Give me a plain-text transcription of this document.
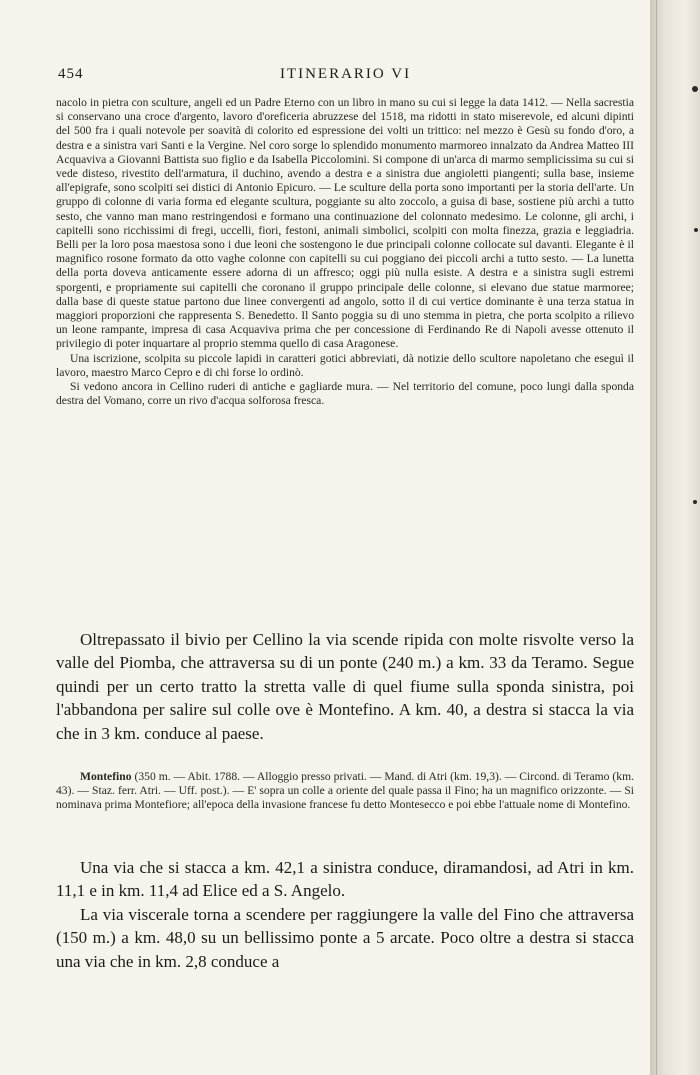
454	ITINERARIO VI

nacolo in pietra con sculture, angeli ed un Padre Eterno con un libro in mano su cui si legge la data 1412. — Nella sacrestia si conservano una croce d'argento, lavoro d'oreficeria abruzzese del 1518, ma ridotti in stato miserevole, ed alcuni dipinti del 500 fra i quali notevole per soavità di colorito ed espressione dei volti un trittico: nel mezzo è Gesù su fondo d'oro, a destra e a sinistra vari Santi e la Vergine. Nel coro sorge lo splendido monumento marmoreo innalzato da Andrea Matteo III Acquaviva a Giovanni Battista suo figlio e da Isabella Piccolomini. Si compone di un'arca di marmo semplicissima su cui si vede disteso, rivestito dell'armatura, il duchino, avendo a destra e a sinistra due angioletti piangenti; sulla base, insieme all'epigrafe, sono scolpiti sei distici di Antonio Epicuro. — Le sculture della porta sono importanti per la storia dell'arte. Un gruppo di colonne di varia forma ed elegante scultura, poggiante su alto zoccolo, a guisa di base, sostiene più archi a tutto sesto, che vanno man mano restringendosi e formano una continuazione del colonnato medesimo. Le colonne, gli archi, i capitelli sono ricchissimi di fregi, uccelli, fiori, festoni, animali simbolici, scolpiti con molta finezza, grazia e leggiadria. Belli per la loro posa maestosa sono i due leoni che sostengono le due principali colonne collocate sul davanti. Elegante è il magnifico rosone formato da otto vaghe colonne con capitelli su cui poggiano dei piccoli archi a tutto sesto. — La lunetta della porta doveva anticamente essere adorna di un affresco; oggi più nulla esiste. A destra e a sinistra sugli estremi sporgenti, e propriamente sui capitelli che coronano il gruppo principale delle colonne, si elevano due statue marmoree; dalla base di queste statue partono due linee convergenti ad angolo, sotto il di cui vertice dominante è una terza statua in maggiori proporzioni che rappresenta S. Benedetto. Il Santo poggia su di uno stemma in pietra, che porta scolpito a rilievo un leone rampante, impresa di casa Acquaviva prima che per concessione di Ferdinando Re di Napoli avesse ottenuto il privilegio di poter inquartare al proprio stemma quello di casa Aragonese.

Una iscrizione, scolpita su piccole lapidi in caratteri gotici abbreviati, dà notizie dello scultore napoletano che eseguì il lavoro, maestro Marco Cepro e di chi forse lo ordinò.

Si vedono ancora in Cellino ruderi di antiche e gagliarde mura. — Nel territorio del comune, poco lungi dalla sponda destra del Vomano, corre un rivo d'acqua solforosa fresca.

Oltrepassato il bivio per Cellino la via scende ripida con molte risvolte verso la valle del Piomba, che attraversa su di un ponte (240 m.) a km. 33 da Teramo. Segue quindi per un certo tratto la stretta valle di quel fiume sulla sponda sinistra, poi l'abbandona per salire sul colle ove è Montefino. A km. 40, a destra si stacca la via che in 3 km. conduce al paese.

Montefino (350 m. — Abit. 1788. — Alloggio presso privati. — Mand. di Atri (km. 19,3). — Circond. di Teramo (km. 43). — Staz. ferr. Atri. — Uff. post.). — E' sopra un colle a oriente del quale passa il Fino; ha un magnifico orizzonte. — Si nominava prima Montefiore; all'epoca della invasione francese fu detto Montesecco e poi ebbe l'attuale nome di Montefino.

Una via che si stacca a km. 42,1 a sinistra conduce, diramandosi, ad Atri in km. 11,1 e in km. 11,4 ad Elice ed a S. Angelo.

La via viscerale torna a scendere per raggiungere la valle del Fino che attraversa (150 m.) a km. 48,0 su un bellissimo ponte a 5 arcate. Poco oltre a destra si stacca una via che in km. 2,8 conduce a
